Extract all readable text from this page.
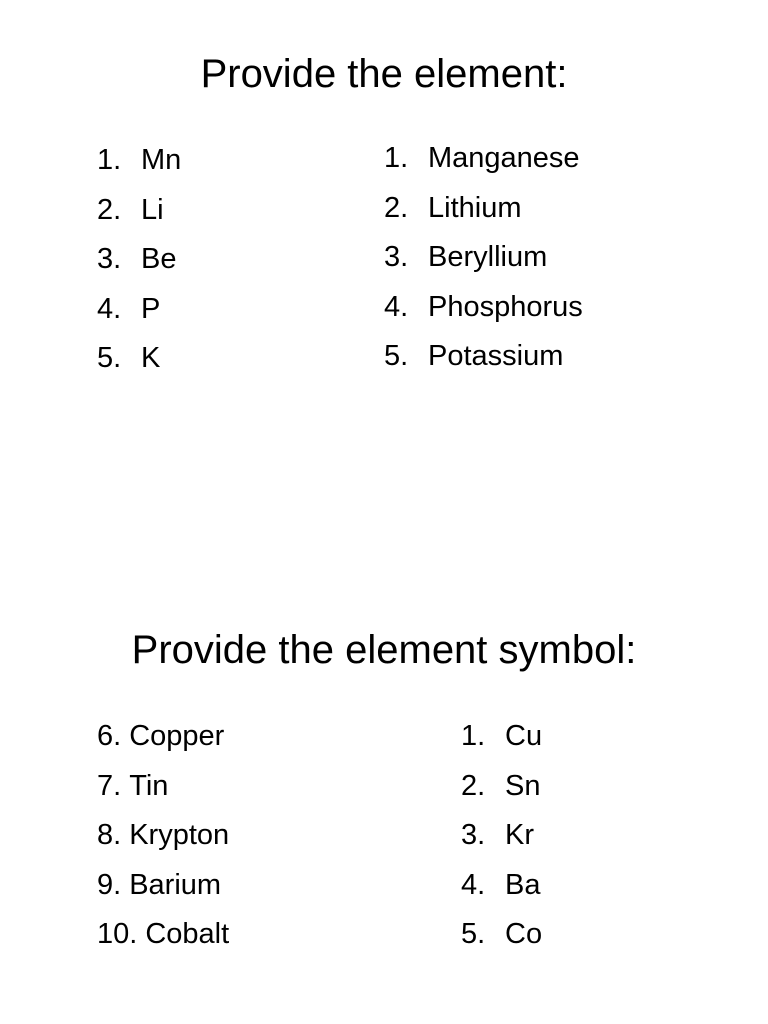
Provide the element:
1. Mn
2. Li
3. Be
4. P
5. K
1. Manganese
2. Lithium
3. Beryllium
4. Phosphorus
5. Potassium
Provide the element symbol:
6. Copper
7. Tin
8. Krypton
9. Barium
10. Cobalt
1. Cu
2. Sn
3. Kr
4. Ba
5. Co
